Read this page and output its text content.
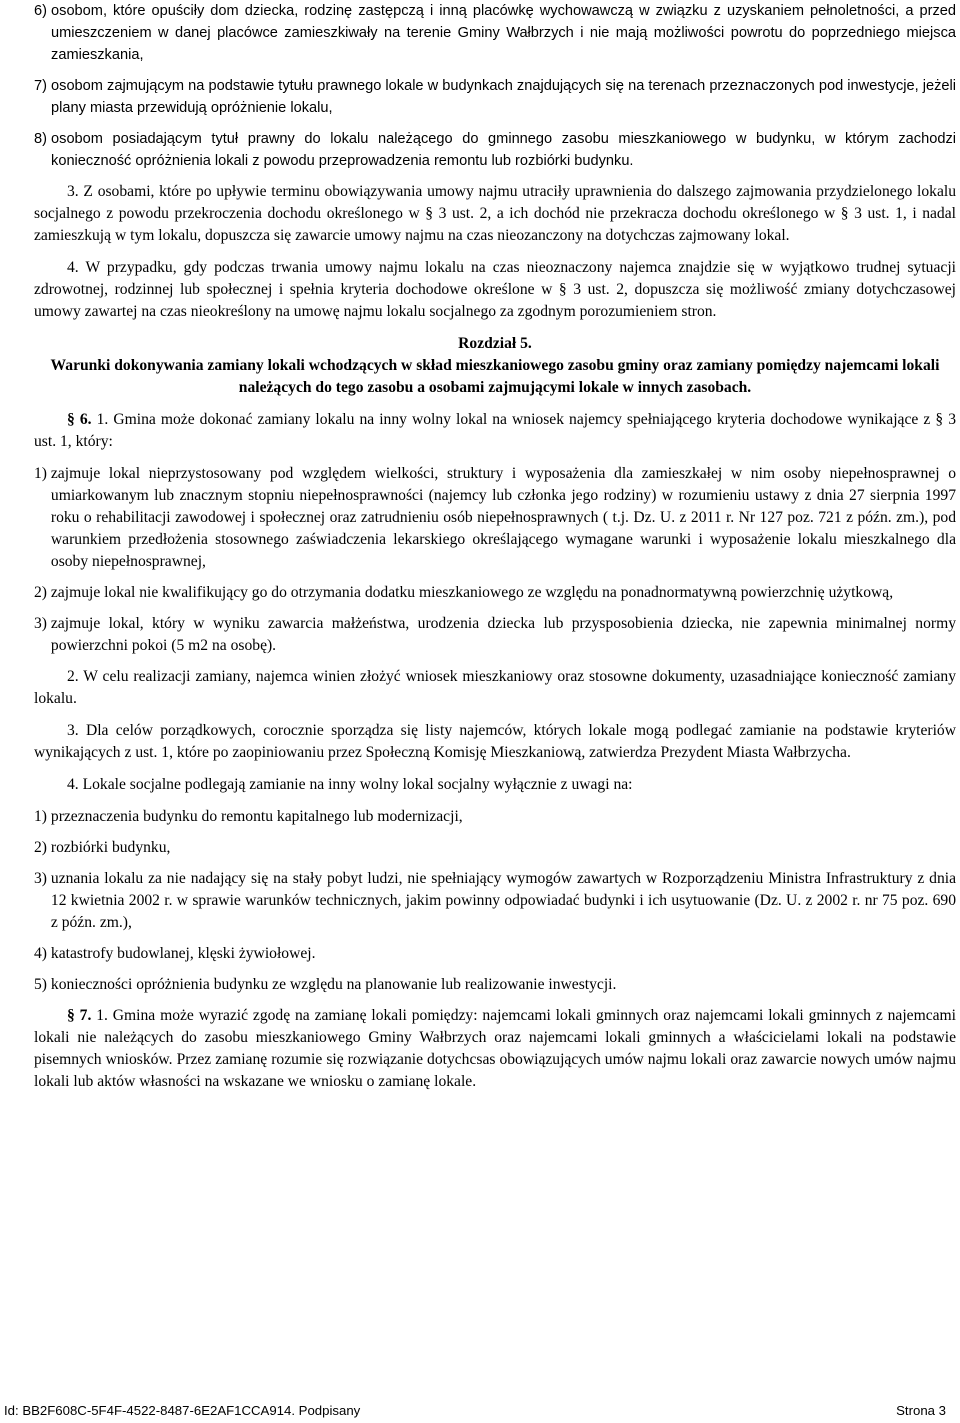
6) osobom, które opuściły dom dziecka, rodzinę zastępczą i inną placówkę wychowawczą w związku z uzyskaniem pełnoletności, a przed umieszczeniem w danej placówce zamieszkiwały na terenie Gminy Wałbrzych i nie mają możliwości powrotu do poprzedniego miejsca zamieszkania,
7) osobom zajmującym na podstawie tytułu prawnego lokale w budynkach znajdujących się na terenach przeznaczonych pod inwestycje, jeżeli plany miasta przewidują opróżnienie lokalu,
8) osobom posiadającym tytuł prawny do lokalu należącego do gminnego zasobu mieszkaniowego w budynku, w którym zachodzi konieczność opróżnienia lokali z powodu przeprowadzenia remontu lub rozbiórki budynku.

3. Z osobami, które po upływie terminu obowiązywania umowy najmu utraciły uprawnienia do dalszego zajmowania przydzielonego lokalu socjalnego z powodu przekroczenia dochodu określonego w § 3 ust. 2, a ich dochód nie przekracza dochodu określonego w § 3 ust. 1, i nadal zamieszkują w tym lokalu, dopuszcza się zawarcie umowy najmu na czas nieozanczony na dotychczas zajmowany lokal.

4. W przypadku, gdy podczas trwania umowy najmu lokalu na czas nieoznaczony najemca znajdzie się w wyjątkowo trudnej sytuacji zdrowotnej, rodzinnej lub społecznej i spełnia kryteria dochodowe określone w § 3 ust. 2, dopuszcza się możliwość zmiany dotychczasowej umowy zawartej na czas nieokreślony na umowę najmu lokalu socjalnego za zgodnym porozumieniem stron.

Rozdział 5.

Warunki dokonywania zamiany lokali wchodzących w skład mieszkaniowego zasobu gminy oraz zamiany pomiędzy najemcami lokali należących do tego zasobu a osobami zajmującymi lokale w innych zasobach.

§ 6. 1. Gmina może dokonać zamiany lokalu na inny wolny lokal na wniosek najemcy spełniającego kryteria dochodowe wynikające z § 3 ust. 1, który:

1) zajmuje lokal nieprzystosowany pod względem wielkości, struktury i wyposażenia dla zamieszkałej w nim osoby niepełnosprawnej o umiarkowanym lub znacznym stopniu niepełnosprawności (najemcy lub członka jego rodziny) w rozumieniu ustawy z dnia 27 sierpnia 1997 roku o rehabilitacji zawodowej i społecznej oraz zatrudnieniu osób niepełnosprawnych ( t.j. Dz. U. z 2011 r. Nr 127 poz. 721 z późn. zm.), pod warunkiem przedłożenia stosownego zaświadczenia lekarskiego określającego wymagane warunki i wyposażenie lokalu mieszkalnego dla osoby niepełnosprawnej,
2) zajmuje lokal nie kwalifikujący go do otrzymania dodatku mieszkaniowego ze względu na ponadnormatywną powierzchnię użytkową,
3) zajmuje lokal, który w wyniku zawarcia małżeństwa, urodzenia dziecka lub przysposobienia dziecka, nie zapewnia minimalnej normy powierzchni pokoi (5 m2 na osobę).

2. W celu realizacji zamiany, najemca winien złożyć wniosek mieszkaniowy oraz stosowne dokumenty, uzasadniające konieczność zamiany lokalu.

3. Dla celów porządkowych, corocznie sporządza się listy najemców, których lokale mogą podlegać zamianie na podstawie kryteriów wynikających z ust. 1, które po zaopiniowaniu przez Społeczną Komisję Mieszkaniową, zatwierdza Prezydent Miasta Wałbrzycha.

4. Lokale socjalne podlegają zamianie na inny wolny lokal socjalny wyłącznie z uwagi na:

1) przeznaczenia budynku do remontu kapitalnego lub modernizacji,
2) rozbiórki budynku,
3) uznania lokalu za nie nadający się na stały pobyt ludzi, nie spełniający wymogów zawartych w Rozporządzeniu Ministra Infrastruktury z dnia 12 kwietnia 2002 r. w sprawie warunków technicznych, jakim powinny odpowiadać budynki i ich usytuowanie (Dz. U. z 2002 r. nr 75 poz. 690 z późn. zm.),
4) katastrofy budowlanej, klęski żywiołowej.
5) konieczności opróżnienia budynku ze względu na planowanie lub realizowanie inwestycji.

§ 7. 1. Gmina może wyrazić zgodę na zamianę lokali pomiędzy: najemcami lokali gminnych oraz najemcami lokali gminnych z najemcami lokali nie należących do zasobu mieszkaniowego Gminy Wałbrzych oraz najemcami lokali gminnych a właścicielami lokali na podstawie pisemnych wniosków. Przez zamianę rozumie się rozwiązanie dotychcsas obowiązujących umów najmu lokali oraz zawarcie nowych umów najmu lokali lub aktów własności na wskazane we wniosku o zamianę lokale.

Id: BB2F608C-5F4F-4522-8487-6E2AF1CCA914. Podpisany	Strona 3
